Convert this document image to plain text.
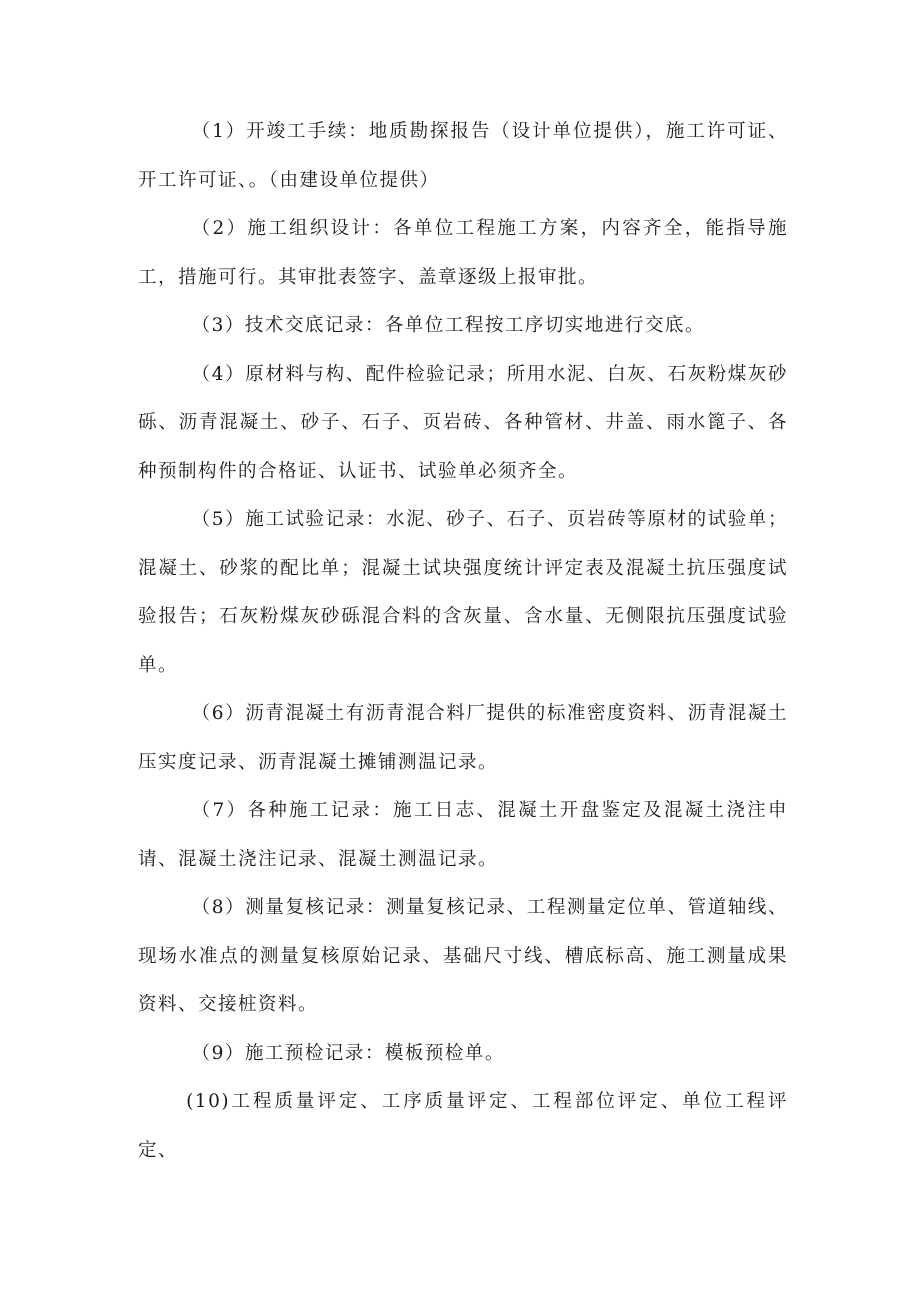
（1）开竣工手续：地质勘探报告（设计单位提供），施工许可证、开工许可证、。（由建设单位提供）

（2）施工组织设计：各单位工程施工方案，内容齐全，能指导施工，措施可行。其审批表签字、盖章逐级上报审批。

（3）技术交底记录：各单位工程按工序切实地进行交底。

（4）原材料与构、配件检验记录；所用水泥、白灰、石灰粉煤灰砂砾、沥青混凝土、砂子、石子、页岩砖、各种管材、井盖、雨水篦子、各种预制构件的合格证、认证书、试验单必须齐全。

（5）施工试验记录：水泥、砂子、石子、页岩砖等原材的试验单；混凝土、砂浆的配比单；混凝土试块强度统计评定表及混凝土抗压强度试验报告；石灰粉煤灰砂砾混合料的含灰量、含水量、无侧限抗压强度试验单。

（6）沥青混凝土有沥青混合料厂提供的标准密度资料、沥青混凝土压实度记录、沥青混凝土摊铺测温记录。

（7）各种施工记录：施工日志、混凝土开盘鉴定及混凝土浇注申请、混凝土浇注记录、混凝土测温记录。

（8）测量复核记录：测量复核记录、工程测量定位单、管道轴线、现场水准点的测量复核原始记录、基础尺寸线、槽底标高、施工测量成果资料、交接桩资料。

（9）施工预检记录：模板预检单。

(10)工程质量评定、工序质量评定、工程部位评定、单位工程评定、
